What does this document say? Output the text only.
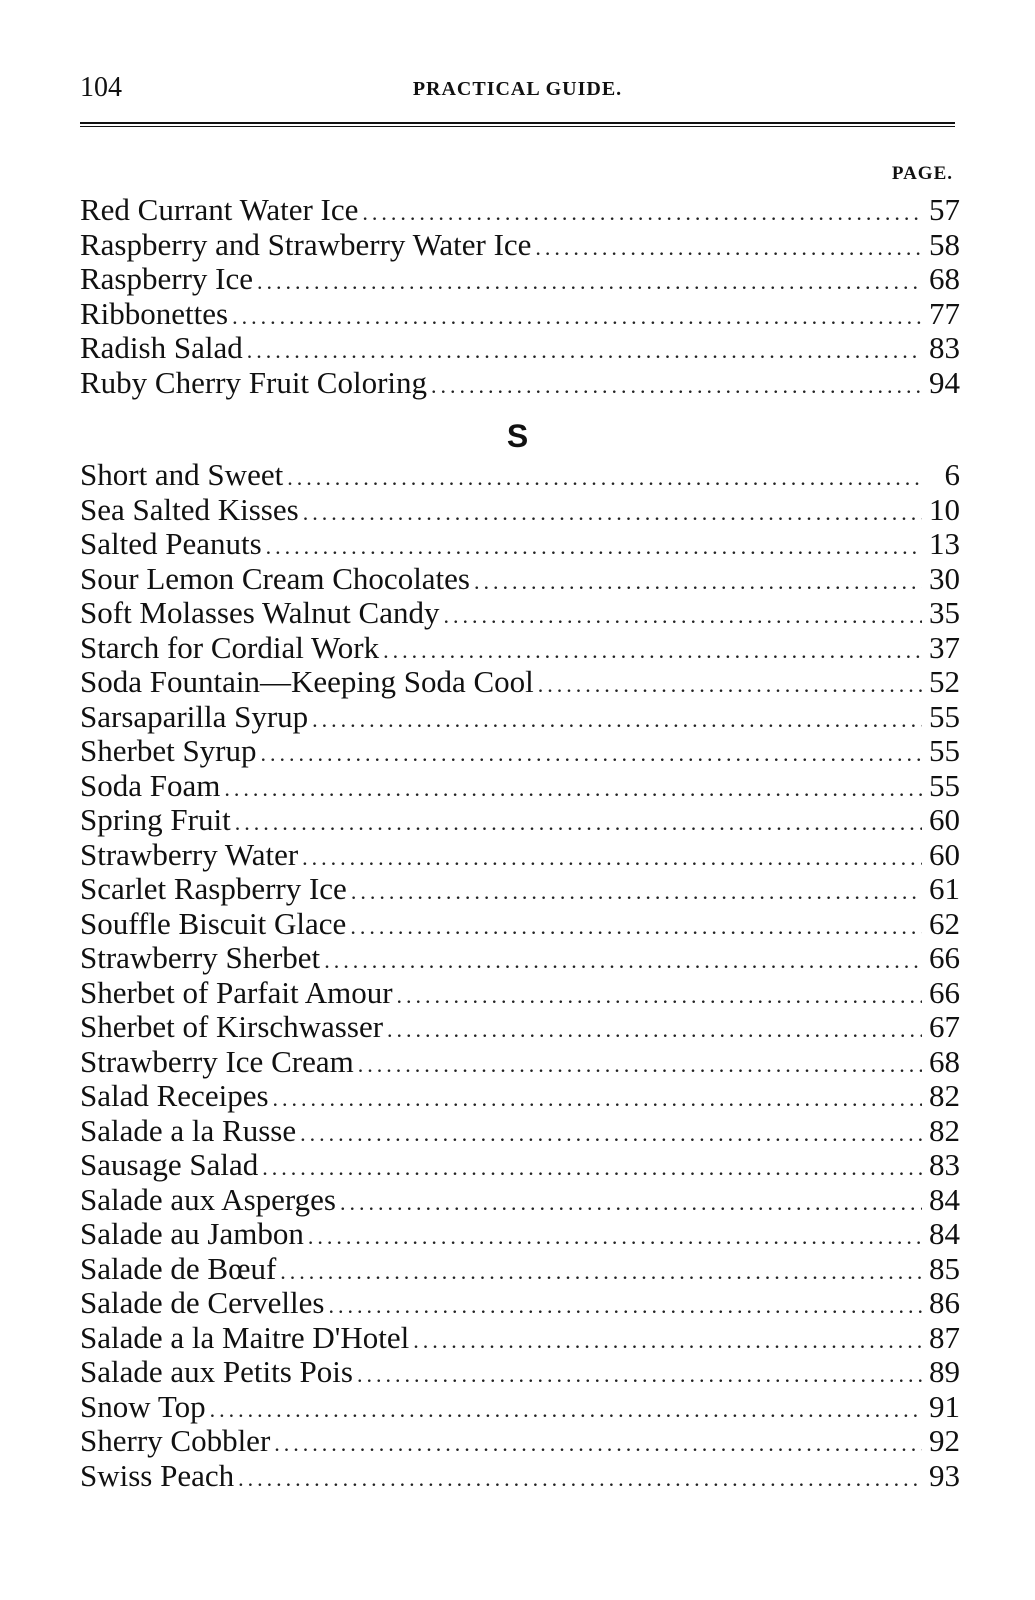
104	PRACTICAL GUIDE.
PAGE.
Red Currant Water Ice .....	57
Raspberry and Strawberry Water Ice .....	58
Raspberry Ice .....	68
Ribbonettes .....	77
Radish Salad .....	83
Ruby Cherry Fruit Coloring .....	94
S
Short and Sweet .....	6
Sea Salted Kisses .....	10
Salted Peanuts .....	13
Sour Lemon Cream Chocolates .....	30
Soft Molasses Walnut Candy .....	35
Starch for Cordial Work .....	37
Soda Fountain—Keeping Soda Cool .....	52
Sarsaparilla Syrup .....	55
Sherbet Syrup .....	55
Soda Foam .....	55
Spring Fruit .....	60
Strawberry Water .....	60
Scarlet Raspberry Ice .....	61
Souffle Biscuit Glace .....	62
Strawberry Sherbet .....	66
Sherbet of Parfait Amour .....	66
Sherbet of Kirschwasser .....	67
Strawberry Ice Cream .....	68
Salad Receipes .....	82
Salade a la Russe .....	82
Sausage Salad .....	83
Salade aux Asperges .....	84
Salade au Jambon .....	84
Salade de Bœuf .....	85
Salade de Cervelles .....	86
Salade a la Maitre D'Hotel .....	87
Salade aux Petits Pois .....	89
Snow Top .....	91
Sherry Cobbler .....	92
Swiss Peach .....	93
